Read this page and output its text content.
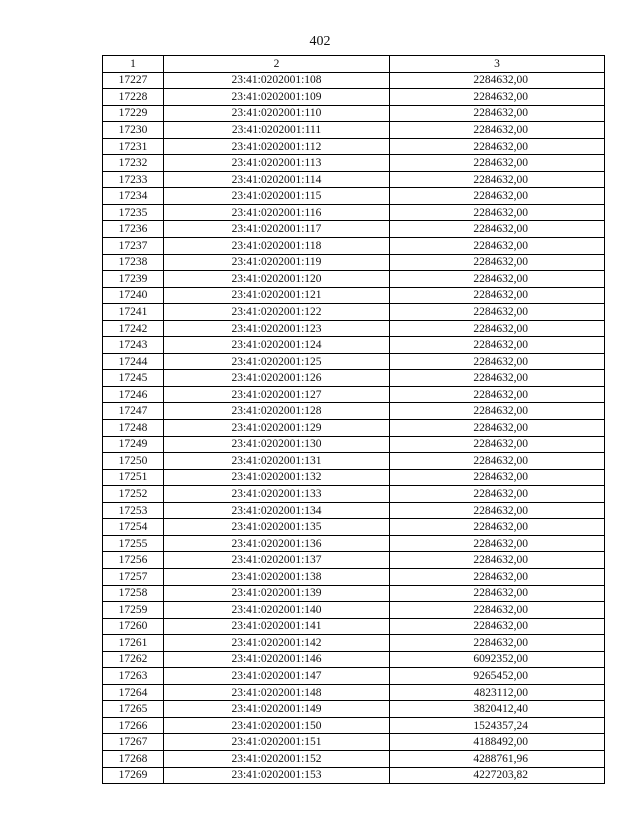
402
1	2	3
17227	23:41:0202001:108	2284632,00
17228	23:41:0202001:109	2284632,00
17229	23:41:0202001:110	2284632,00
17230	23:41:0202001:111	2284632,00
17231	23:41:0202001:112	2284632,00
17232	23:41:0202001:113	2284632,00
17233	23:41:0202001:114	2284632,00
17234	23:41:0202001:115	2284632,00
17235	23:41:0202001:116	2284632,00
17236	23:41:0202001:117	2284632,00
17237	23:41:0202001:118	2284632,00
17238	23:41:0202001:119	2284632,00
17239	23:41:0202001:120	2284632,00
17240	23:41:0202001:121	2284632,00
17241	23:41:0202001:122	2284632,00
17242	23:41:0202001:123	2284632,00
17243	23:41:0202001:124	2284632,00
17244	23:41:0202001:125	2284632,00
17245	23:41:0202001:126	2284632,00
17246	23:41:0202001:127	2284632,00
17247	23:41:0202001:128	2284632,00
17248	23:41:0202001:129	2284632,00
17249	23:41:0202001:130	2284632,00
17250	23:41:0202001:131	2284632,00
17251	23:41:0202001:132	2284632,00
17252	23:41:0202001:133	2284632,00
17253	23:41:0202001:134	2284632,00
17254	23:41:0202001:135	2284632,00
17255	23:41:0202001:136	2284632,00
17256	23:41:0202001:137	2284632,00
17257	23:41:0202001:138	2284632,00
17258	23:41:0202001:139	2284632,00
17259	23:41:0202001:140	2284632,00
17260	23:41:0202001:141	2284632,00
17261	23:41:0202001:142	2284632,00
17262	23:41:0202001:146	6092352,00
17263	23:41:0202001:147	9265452,00
17264	23:41:0202001:148	4823112,00
17265	23:41:0202001:149	3820412,40
17266	23:41:0202001:150	1524357,24
17267	23:41:0202001:151	4188492,00
17268	23:41:0202001:152	4288761,96
17269	23:41:0202001:153	4227203,82
